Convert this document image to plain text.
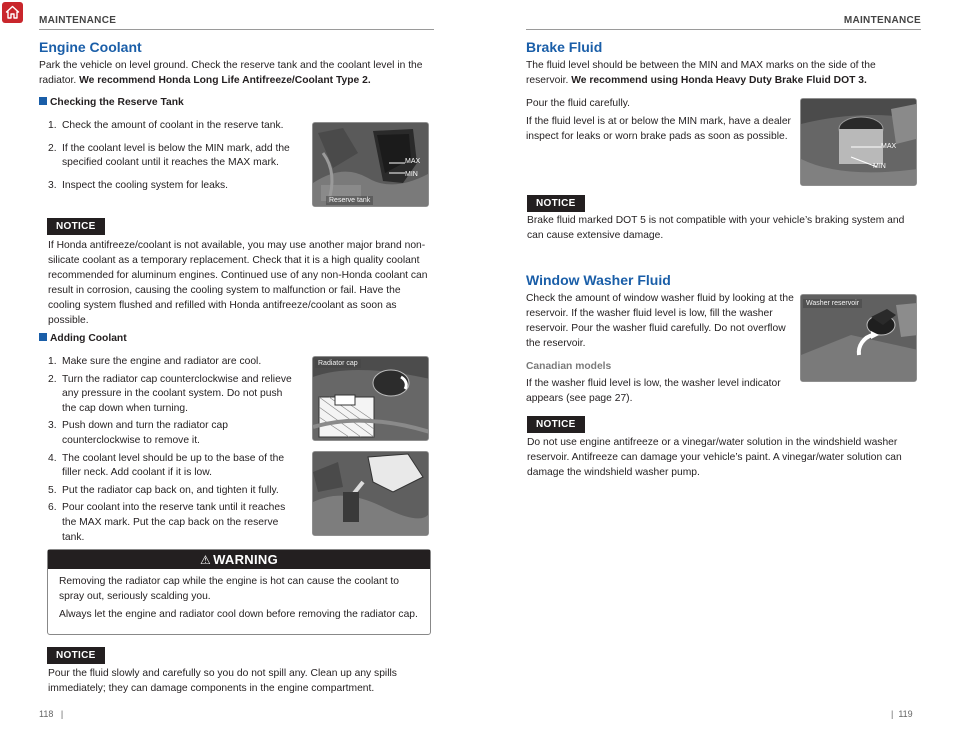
MAINTENANCE
Engine Coolant
Park the vehicle on level ground. Check the reserve tank and the coolant level in the radiator. We recommend Honda Long Life Antifreeze/Coolant Type 2.
Checking the Reserve Tank
1. Check the amount of coolant in the reserve tank.
2. If the coolant level is below the MIN mark, add the specified coolant until it reaches the MAX mark.
3. Inspect the cooling system for leaks.
MAX
MIN
Reserve tank
NOTICE
If Honda antifreeze/coolant is not available, you may use another major brand non-silicate coolant as a temporary replacement. Check that it is a high quality coolant recommended for aluminum engines. Continued use of any non-Honda coolant can result in corrosion, causing the cooling system to malfunction or fail. Have the cooling system flushed and refilled with Honda antifreeze/coolant as soon as possible.
Adding Coolant
1. Make sure the engine and radiator are cool.
2. Turn the radiator cap counterclockwise and relieve any pressure in the coolant system. Do not push the cap down when turning.
3. Push down and turn the radiator cap counterclockwise to remove it.
4. The coolant level should be up to the base of the filler neck. Add coolant if it is low.
5. Put the radiator cap back on, and tighten it fully.
6. Pour coolant into the reserve tank until it reaches the MAX mark. Put the cap back on the reserve tank.
Radiator cap
⚠ WARNING

Removing the radiator cap while the engine is hot can cause the coolant to spray out, seriously scalding you.

Always let the engine and radiator cool down before removing the radiator cap.

NOTICE
Pour the fluid slowly and carefully so you do not spill any. Clean up any spills immediately; they can damage components in the engine compartment.
118   |
MAINTENANCE
Brake Fluid
The fluid level should be between the MIN and MAX marks on the side of the reservoir. We recommend using Honda Heavy Duty Brake Fluid DOT 3.
Pour the fluid carefully.
If the fluid level is at or below the MIN mark, have a dealer inspect for leaks or worn brake pads as soon as possible.
MAX
MIN
NOTICE
Brake fluid marked DOT 5 is not compatible with your vehicle’s braking system and can cause extensive damage.
Window Washer Fluid
Check the amount of window washer fluid by looking at the reservoir. If the washer fluid level is low, fill the washer reservoir. Pour the washer fluid carefully. Do not overflow the reservoir.
Canadian models
If the washer fluid level is low, the washer level indicator appears (see page 27).
Washer reservoir
NOTICE
Do not use engine antifreeze or a vinegar/water solution in the windshield washer reservoir. Antifreeze can damage your vehicle’s paint. A vinegar/water solution can damage the windshield washer pump.
|  119
